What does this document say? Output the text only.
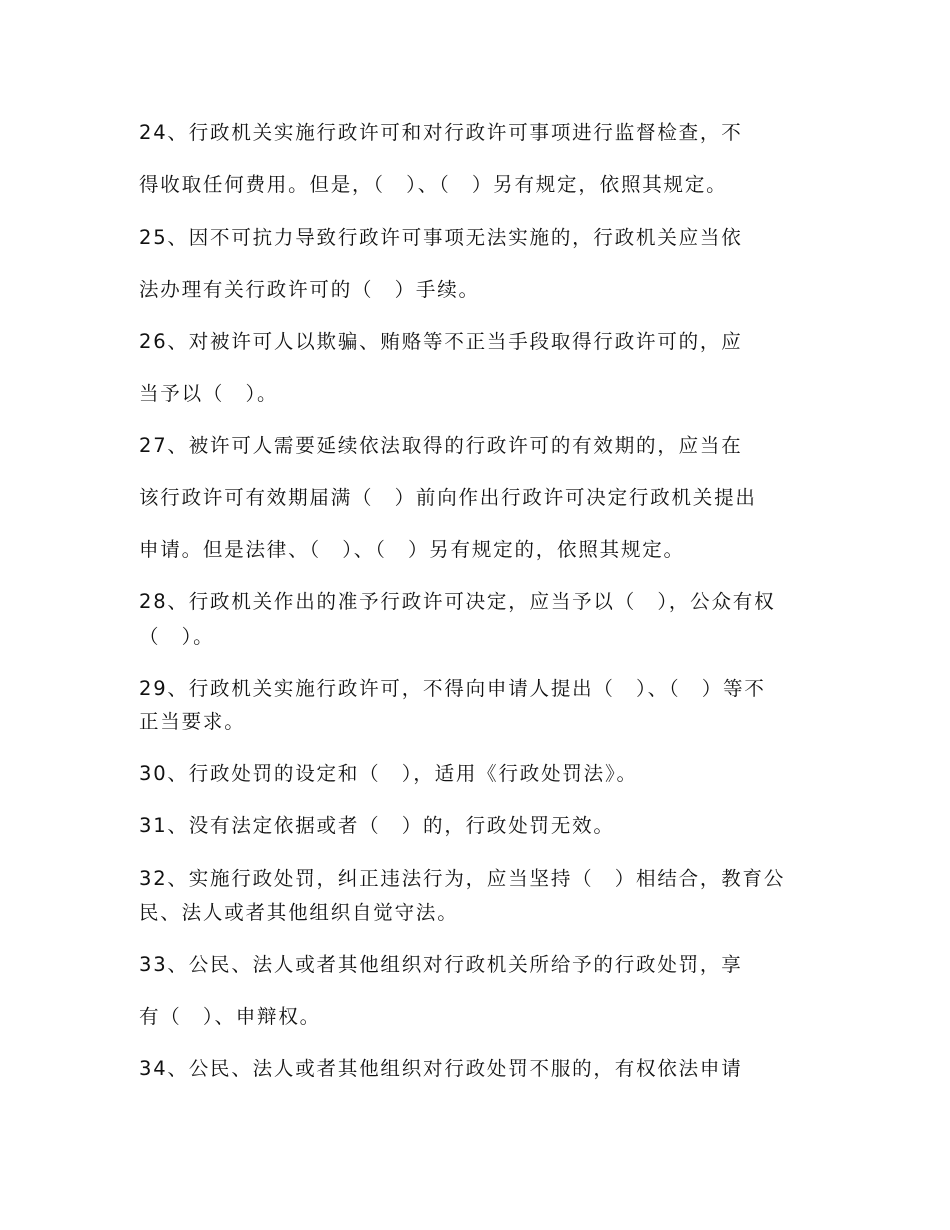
24、行政机关实施行政许可和对行政许可事项进行监督检查，不
得收取任何费用。但是，（　）、（　）另有规定，依照其规定。
25、因不可抗力导致行政许可事项无法实施的，行政机关应当依
法办理有关行政许可的（　）手续。
26、对被许可人以欺骗、贿赂等不正当手段取得行政许可的，应
当予以（　）。
27、被许可人需要延续依法取得的行政许可的有效期的，应当在
该行政许可有效期届满（　）前向作出行政许可决定行政机关提出
申请。但是法律、（　）、（　）另有规定的，依照其规定。
28、行政机关作出的准予行政许可决定，应当予以（　），公众有权
（　）。
29、行政机关实施行政许可，不得向申请人提出（　）、（　）等不
正当要求。
30、行政处罚的设定和（　），适用《行政处罚法》。
31、没有法定依据或者（　）的，行政处罚无效。
32、实施行政处罚，纠正违法行为，应当坚持（　）相结合，教育公
民、法人或者其他组织自觉守法。
33、公民、法人或者其他组织对行政机关所给予的行政处罚，享
有（　）、申辩权。
34、公民、法人或者其他组织对行政处罚不服的，有权依法申请
